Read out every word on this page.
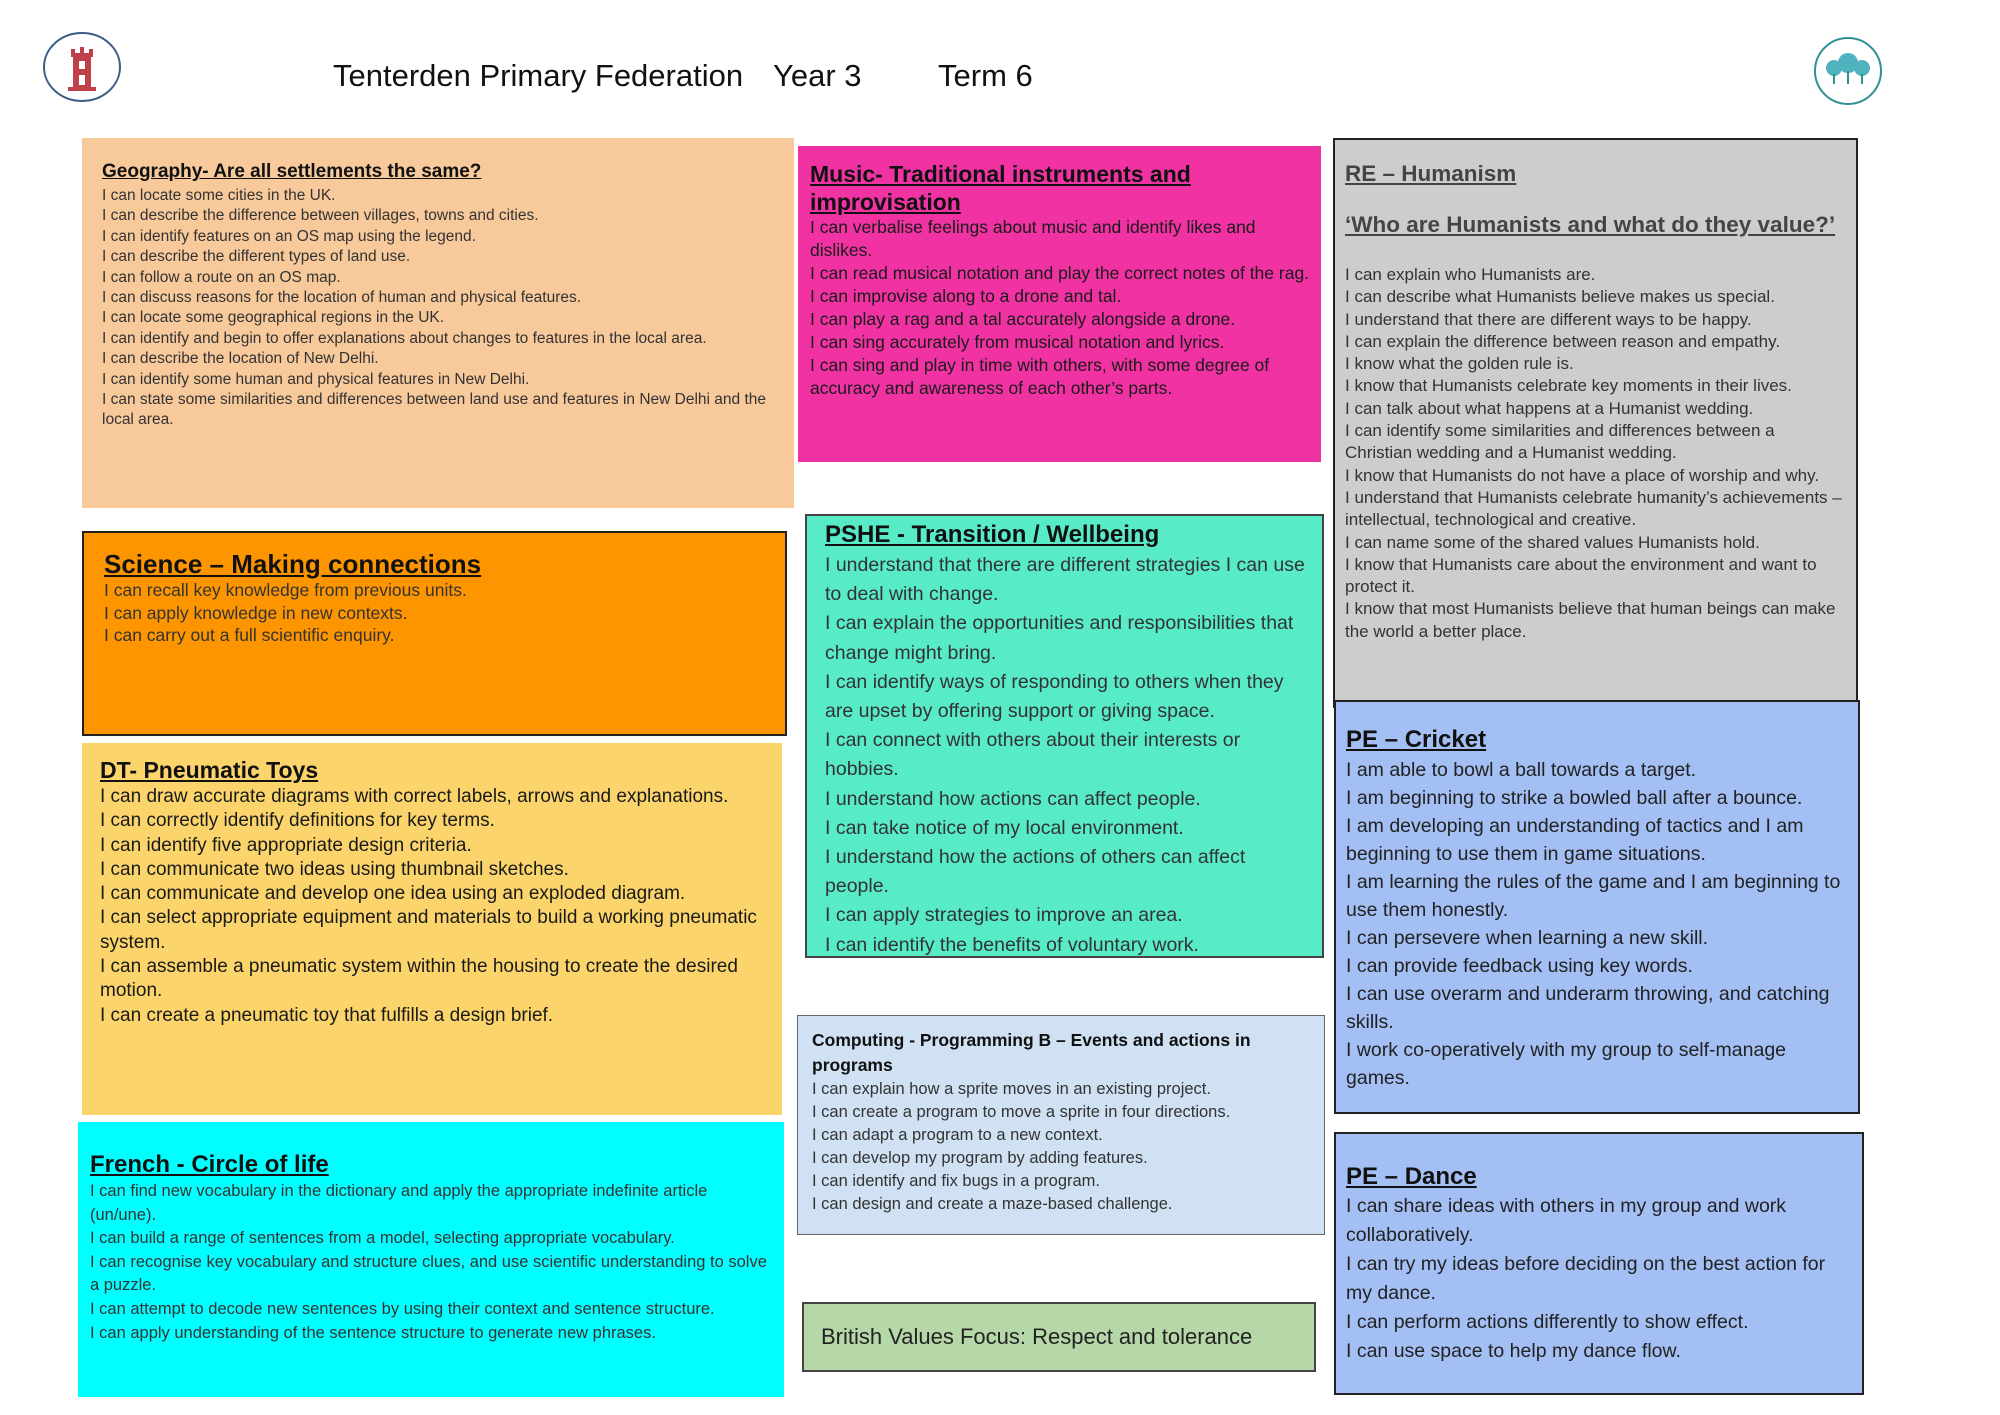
Tenterden Primary Federation Year 3 Term 6

Geography- Are all settlements the same?

I can locate some cities in the UK.
I can describe the difference between villages, towns and cities.
I can identify features on an OS map using the legend.
I can describe the different types of land use.
I can follow a route on an OS map.
I can discuss reasons for the location of human and physical features.
I can locate some geographical regions in the UK.
I can identify and begin to offer explanations about changes to features in the local area.
I can describe the location of New Delhi.
I can identify some human and physical features in New Delhi.
I can state some similarities and differences between land use and features in New Delhi and the local area.

Music- Traditional instruments and improvisation

I can verbalise feelings about music and identify likes and dislikes.
I can read musical notation and play the correct notes of the rag.
I can improvise along to a drone and tal.
I can play a rag and a tal accurately alongside a drone.
I can sing accurately from musical notation and lyrics.
I can sing and play in time with others, with some degree of accuracy and awareness of each other’s parts.

RE – Humanism

‘Who are Humanists and what do they value?’

I can explain who Humanists are.
I can describe what Humanists believe makes us special.
I understand that there are different ways to be happy.
I can explain the difference between reason and empathy.
I know what the golden rule is.
I know that Humanists celebrate key moments in their lives.
I can talk about what happens at a Humanist wedding.
I can identify some similarities and differences between a Christian wedding and a Humanist wedding.
I know that Humanists do not have a place of worship and why.
I understand that Humanists celebrate humanity’s achievements – intellectual, technological and creative.
I can name some of the shared values Humanists hold.
I know that Humanists care about the environment and want to protect it.
I know that most Humanists believe that human beings can make the world a better place.

Science – Making connections

I can recall key knowledge from previous units.
I can apply knowledge in new contexts.
I can carry out a full scientific enquiry.

PSHE - Transition / Wellbeing

I understand that there are different strategies I can use to deal with change.
I can explain the opportunities and responsibilities that change might bring.
I can identify ways of responding to others when they are upset by offering support or giving space.
I can connect with others about their interests or hobbies.
I understand how actions can affect people.
I can take notice of my local environment.
I understand how the actions of others can affect people.
I can apply strategies to improve an area.
I can identify the benefits of voluntary work.

DT- Pneumatic Toys

I can draw accurate diagrams with correct labels, arrows and explanations.
I can correctly identify definitions for key terms.
I can identify five appropriate design criteria.
I can communicate two ideas using thumbnail sketches.
I can communicate and develop one idea using an exploded diagram.
I can select appropriate equipment and materials to build a working pneumatic system.
I can assemble a pneumatic system within the housing to create the desired motion.
I can create a pneumatic toy that fulfills a design brief.

PE – Cricket

I am able to bowl a ball towards a target.
I am beginning to strike a bowled ball after a bounce.
I am developing an understanding of tactics and I am beginning to use them in game situations.
I am learning the rules of the game and I am beginning to use them honestly.
I can persevere when learning a new skill.
I can provide feedback using key words.
I can use overarm and underarm throwing, and catching skills.
I work co-operatively with my group to self-manage games.

Computing - Programming B – Events and actions in programs

I can explain how a sprite moves in an existing project.
I can create a program to move a sprite in four directions.
I can adapt a program to a new context.
I can develop my program by adding features.
I can identify and fix bugs in a program.
I can design and create a maze-based challenge.

French - Circle of life

I can find new vocabulary in the dictionary and apply the appropriate indefinite article (un/une).
I can build a range of sentences from a model, selecting appropriate vocabulary.
I can recognise key vocabulary and structure clues, and use scientific understanding to solve a puzzle.
I can attempt to decode new sentences by using their context and sentence structure.
I can apply understanding of the sentence structure to generate new phrases.	British Values Focus: Respect and tolerance

PE – Dance

I can share ideas with others in my group and work collaboratively.
I can try my ideas before deciding on the best action for my dance.
I can perform actions differently to show effect.
I can use space to help my dance flow.
